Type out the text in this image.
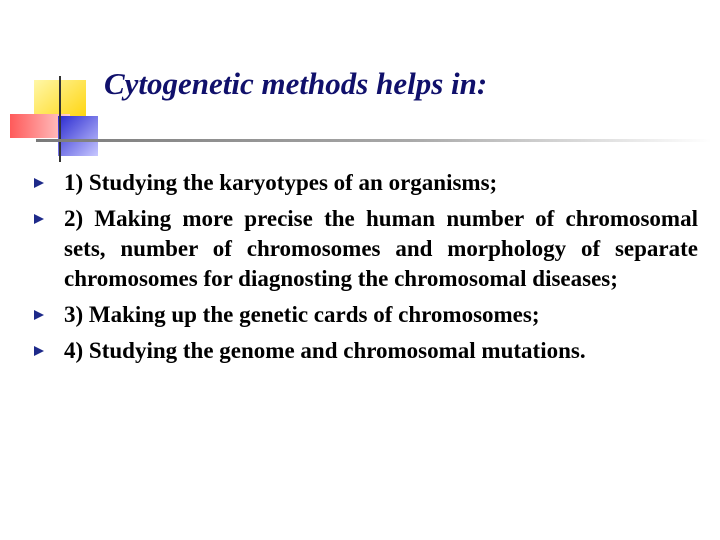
Cytogenetic methods helps in:
1) Studying the karyotypes of an organisms;
2) Making more precise the human number of chromosomal sets, number of chromosomes and morphology of separate chromosomes for diagnosting the chromosomal diseases;
3) Making up the genetic cards of chromosomes;
4) Studying the genome and chromosomal mutations.
